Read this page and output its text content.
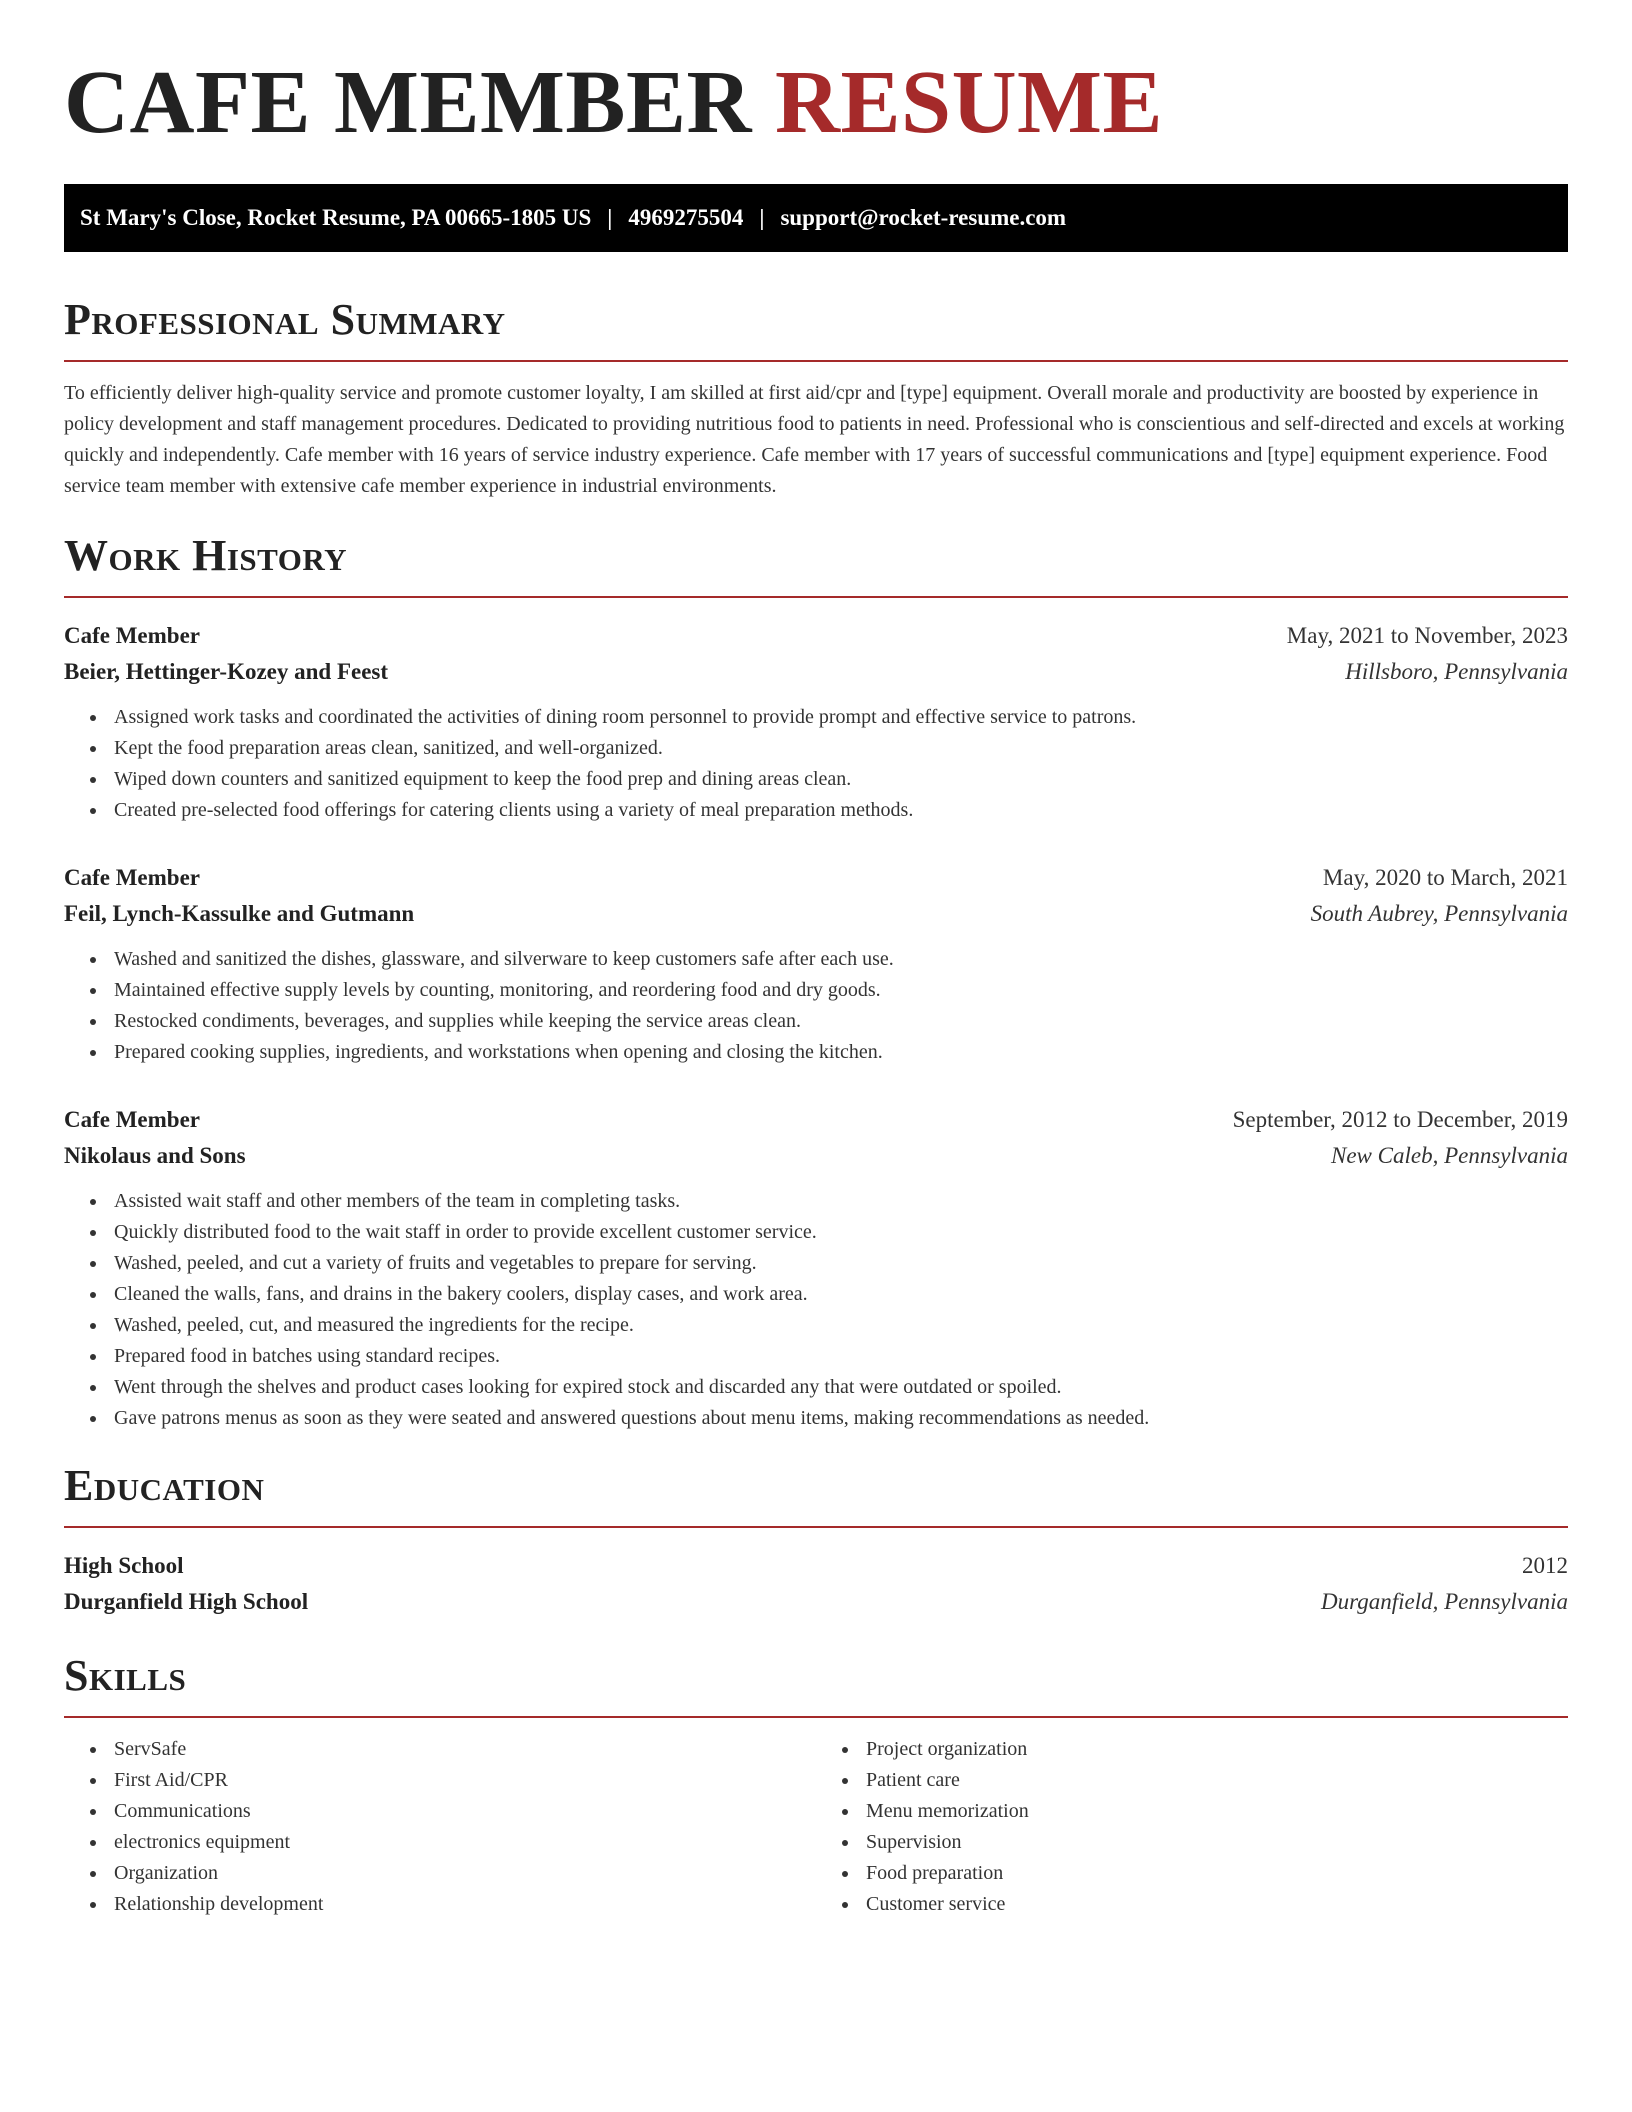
CAFE MEMBER RESUME
St Mary's Close, Rocket Resume, PA 00665-1805 US | 4969275504 | support@rocket-resume.com
Professional Summary

To efficiently deliver high-quality service and promote customer loyalty, I am skilled at first aid/cpr and [type] equipment. Overall morale and productivity are boosted by experience in policy development and staff management procedures. Dedicated to providing nutritious food to patients in need. Professional who is conscientious and self-directed and excels at working quickly and independently. Cafe member with 16 years of service industry experience. Cafe member with 17 years of successful communications and [type] equipment experience. Food service team member with extensive cafe member experience in industrial environments.

Work History
Cafe Member	May, 2021 to November, 2023
Beier, Hettinger-Kozey and Feest	Hillsboro, Pennsylvania
• Assigned work tasks and coordinated the activities of dining room personnel to provide prompt and effective service to patrons.
• Kept the food preparation areas clean, sanitized, and well-organized.
• Wiped down counters and sanitized equipment to keep the food prep and dining areas clean.
• Created pre-selected food offerings for catering clients using a variety of meal preparation methods.
Cafe Member	May, 2020 to March, 2021
Feil, Lynch-Kassulke and Gutmann	South Aubrey, Pennsylvania
• Washed and sanitized the dishes, glassware, and silverware to keep customers safe after each use.
• Maintained effective supply levels by counting, monitoring, and reordering food and dry goods.
• Restocked condiments, beverages, and supplies while keeping the service areas clean.
• Prepared cooking supplies, ingredients, and workstations when opening and closing the kitchen.
Cafe Member	September, 2012 to December, 2019
Nikolaus and Sons	New Caleb, Pennsylvania
• Assisted wait staff and other members of the team in completing tasks.
• Quickly distributed food to the wait staff in order to provide excellent customer service.
• Washed, peeled, and cut a variety of fruits and vegetables to prepare for serving.
• Cleaned the walls, fans, and drains in the bakery coolers, display cases, and work area.
• Washed, peeled, cut, and measured the ingredients for the recipe.
• Prepared food in batches using standard recipes.
• Went through the shelves and product cases looking for expired stock and discarded any that were outdated or spoiled.
• Gave patrons menus as soon as they were seated and answered questions about menu items, making recommendations as needed.
Education
High School	2012
Durganfield High School	Durganfield, Pennsylvania
Skills
• ServSafe
• First Aid/CPR
• Communications
• electronics equipment
• Organization
• Relationship development
• Project organization
• Patient care
• Menu memorization
• Supervision
• Food preparation
• Customer service
